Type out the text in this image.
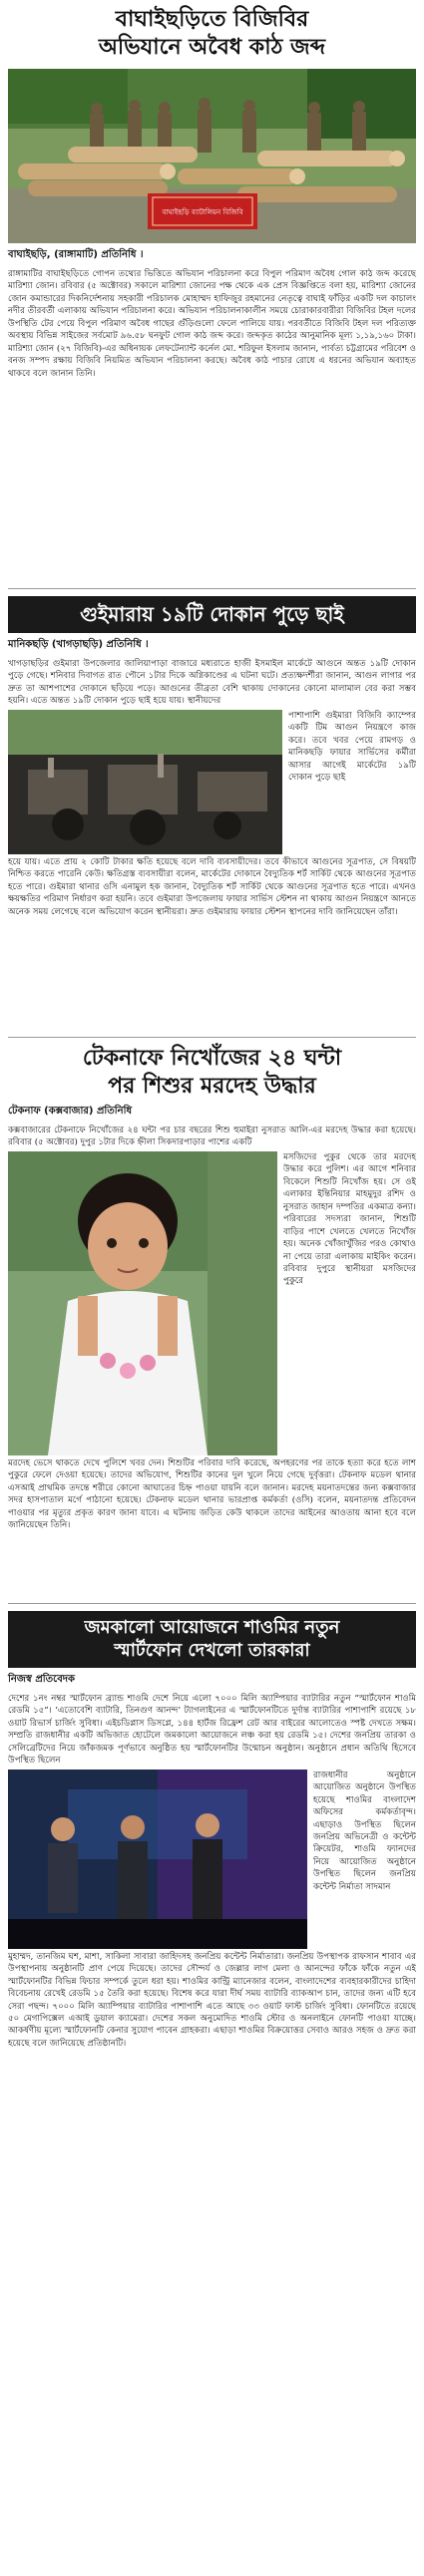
বাঘাইছড়িতে বিজিবির
অভিযানে অবৈধ কাঠ জব্দ
বাঘাইছড়ি ব্যাটালিয়ন বিজিবি

বাঘাইছড়ি, (রাঙ্গামাটি) প্রতিনিধি ।

রাঙ্গামাটির বাঘাইছড়িতে গোপন তথ্যের ভিত্তিতে অভিযান পরিচালনা করে বিপুল পরিমাণ অবৈধ গোল কাঠ জব্দ করেছে মারিশ্যা জোন। রবিবার (৫ অক্টোবর) সকালে মারিশ্যা জোনের পক্ষ থেকে এক প্রেস বিজ্ঞপ্তিতে বলা হয়, মারিশ্যা জোনের জোন কমান্ডারের দিকনির্দেশনায় সহকারী পরিচালক মোহাম্মদ হাফিজুর রহমানের নেতৃত্বে বাঘাই ফাঁড়ির একটি দল কাচালং নদীর তীরবর্তী এলাকায় অভিযান পরিচালনা করে। অভিযান পরিচালনাকালীন সময়ে চোরাকারবারীরা বিজিবির টহল দলের উপস্থিতি টের পেয়ে বিপুল পরিমাণ অবৈধ গাছের গুঁড়িগুলো ফেলে পালিয়ে যায়। পরবর্তীতে বিজিবি টহল দল পরিত্যক্ত অবস্থায় বিভিন্ন সাইজের সর্বমোট ৯৬.৫৮ ঘনফুট গোল কাঠ জব্দ করে। জব্দকৃত কাঠের আনুমানিক মূল্য ১,১৯,১৬০ টাকা। মারিশ্যা জোন (২৭ বিজিবি)-এর অধিনায়ক লেফটেন্যান্ট কর্নেল মো. শরিফুল ইসলাম জানান, পার্বত্য চট্টগ্রামের পরিবেশ ও বনজ সম্পদ রক্ষায় বিজিবি নিয়মিত অভিযান পরিচালনা করছে। অবৈধ কাঠ পাচার রোধে এ ধরনের অভিযান অব্যাহত থাকবে বলে জানান তিনি।

গুইমারায় ১৯টি দোকান পুড়ে ছাই

মানিকছড়ি (খাগড়াছড়ি) প্রতিনিধি ।

খাগড়াছড়ির গুইমারা উপজেলার জালিয়াপাড়া বাজারে মধ্যরাতে হাজী ইসমাইল মার্কেটে আগুনে অন্তত ১৯টি দোকান পুড়ে গেছে। শনিবার দিবাগত রাত পৌনে ১টার দিকে অগ্নিকাণ্ডের এ ঘটনা ঘটে। প্রত্যক্ষদর্শীরা জানান, আগুন লাগার পর দ্রুত তা আশপাশের দোকানে ছড়িয়ে পড়ে। আগুনের তীব্রতা বেশি থাকায় দোকানের কোনো মালামাল বের করা সম্ভব হয়নি। এতে অন্তত ১৯টি দোকান পুড়ে ছাই হয়ে যায়। স্থানীয়দের

পাশাপাশি গুইমারা বিজিবি ক্যাম্পের একটি টিম আগুন নিয়ন্ত্রণে কাজ করে। তবে খবর পেয়ে রামগড় ও মানিকছড়ি ফায়ার সার্ভিসের কর্মীরা আসার আগেই মার্কেটের ১৯টি দোকান পুড়ে ছাই

হয়ে যায়। এতে প্রায় ২ কোটি টাকার ক্ষতি হয়েছে বলে দাবি ব্যবসায়ীদের। তবে কীভাবে আগুনের সূত্রপাত, সে বিষয়টি নিশ্চিত করতে পারেনি কেউ। ক্ষতিগ্রস্ত ব্যবসায়ীরা বলেন, মার্কেটের দোকানে বৈদ্যুতিক শর্ট সার্কিট থেকে আগুনের সূত্রপাত হতে পারে। গুইমারা থানার ওসি এনামুল হক জানান, বৈদ্যুতিক শর্ট সার্কিট থেকে আগুনের সূত্রপাত হতে পারে। এখনও ক্ষয়ক্ষতির পরিমাণ নির্ধারণ করা হয়নি। তবে গুইমারা উপজেলায় ফায়ার সার্ভিস স্টেশন না থাকায় আগুন নিয়ন্ত্রণে আনতে অনেক সময় লেগেছে বলে অভিযোগ করেন স্থানীয়রা। দ্রুত গুইমারায় ফায়ার স্টেশন স্থাপনের দাবি জানিয়েছেন তাঁরা।

টেকনাফে নিখোঁজের ২৪ ঘন্টা
পর শিশুর মরদেহ উদ্ধার

টেকনাফ (কক্সবাজার) প্রতিনিধি

কক্সবাজারের টেকনাফে নিখোঁজের ২৪ ঘন্টা পর চার বছরের শিশু হুমাইরা নুসরাত আলি-এর মরদেহ উদ্ধার করা হয়েছে। রবিবার (৫ অক্টোবর) দুপুর ১টার দিকে হ্নীলা সিকদারপাড়ার পাশের একটি

মসজিদের পুকুর থেকে তার মরদেহ উদ্ধার করে পুলিশ। এর আগে শনিবার বিকেলে শিশুটি নিখোঁজ হয়। সে ওই এলাকার ইন্তিনিয়ার মাহমুদুর রশিদ ও নুসরাত জাহান দম্পতির একমাত্র কন্যা। পরিবারের সদস্যরা জানান, শিশুটি বাড়ির পাশে খেলতে খেলতে নিখোঁজ হয়। অনেক খোঁজাখুঁজির পরও কোথাও না পেয়ে তারা এলাকায় মাইকিং করেন। রবিবার দুপুরে স্থানীয়রা মসজিদের পুকুরে

মরদেহ ভেসে থাকতে দেখে পুলিশে খবর দেন। শিশুটির পরিবার দাবি করেছে, অপহরণের পর তাকে হত্যা করে হতে লাশ পুকুরে ফেলে দেওয়া হয়েছে। তাদের অভিযোগ, শিশুটির কানের দুল খুলে নিয়ে গেছে দুর্বৃত্তরা। টেকনাফ মডেল থানার এসআই প্রাথমিক তদন্তে শরীরে কোনো আঘাতের চিহ্ন পাওয়া যায়নি বলে জানান। মরদেহ ময়নাতদন্তের জন্য কক্সবাজার সদর হাসপাতাল মর্গে পাঠানো হয়েছে। টেকনাফ মডেল থানার ভারপ্রাপ্ত কর্মকর্তা (ওসি) বলেন, ময়নাতদন্ত প্রতিবেদন পাওয়ার পর মৃত্যুর প্রকৃত কারণ জানা যাবে। এ ঘটনায় জড়িত কেউ থাকলে তাদের আইনের আওতায় আনা হবে বলে জানিয়েছেন তিনি।

জমকালো আয়োজনে শাওমির নতুন
স্মার্টফোন দেখলো তারকারা

নিজস্ব প্রতিবেদক

দেশের ১নং নম্বর স্মার্টফোন ব্র্যান্ড শাওমি দেশে নিয়ে এলো ৭০০০ মিলি অ্যাম্পিয়ার ব্যাটারির নতুন “স্মার্টফোন শাওমি রেডমি ১৫”। ‘এতোবেশি ব্যাটারি, তিনগুণ আনন্দ’ ট্যাগলাইনের এ স্মার্টফোনটিতে দুর্দান্ত ব্যাটারির পাশাপাশি রয়েছে ১৮ ওয়াট রিভার্স চার্জিং সুবিধা। এইচডিপ্লাস ডিসপ্লে, ১৪৪ হার্টজ রিফ্রেশ রেট আর বাইরের আলোতেও স্পষ্ট দেখতে সক্ষম। সম্প্রতি রাজধানীর একটি অভিজাত হোটেলে জমকালো আয়োজনে লঞ্চ করা হয় রেডমি ১৫। দেশের জনপ্রিয় তারকা ও সেলিব্রেটিদের নিয়ে জাঁকজমক পূর্ণভাবে অনুষ্ঠিত হয় স্মার্টফোনটির উন্মোচন অনুষ্ঠান। অনুষ্ঠানে প্রধান অতিথি হিসেবে উপস্থিত ছিলেন

রাজধানীর অনুষ্ঠানে আয়োজিত অনুষ্ঠানে উপস্থিত হয়েছে শাওমির বাংলাদেশ অফিসের কর্মকর্তাবৃন্দ। এছাড়াও উপস্থিত ছিলেন জনপ্রিয় অভিনেত্রী ও কন্টেন্ট ক্রিয়েটর, শাওমি ফ্যানদের নিয়ে আয়োজিত অনুষ্ঠানে উপস্থিত ছিলেন জনপ্রিয় কন্টেন্ট নির্মাতা সাদমান

মুহাম্মদ, তানজিম ঘশ, মাশা, সাকিলা সাবারা জাহিদসহ জনপ্রিয় কন্টেন্ট নির্মাতারা। জনপ্রিয় উপস্থাপক রাফসান শাবাব এর উপস্থাপনায় অনুষ্ঠানটি প্রাণ পেয়ে দিয়েছে। তাদের সৌন্দর্য ও জেল্লার লাগ মেলা ও আনন্দের ফাঁকে ফাঁকে নতুন এই স্মার্টফোনটির বিভিন্ন ফিচার সম্পর্কে তুলে ধরা হয়। শাওমির কান্ট্রি ম্যানেজার বলেন, বাংলাদেশের ব্যবহারকারীদের চাহিদা বিবেচনায় রেখেই রেডমি ১৫ তৈরি করা হয়েছে। বিশেষ করে যারা দীর্ঘ সময় ব্যাটারি ব্যাকআপ চান, তাদের জন্য এটি হবে সেরা পছন্দ। ৭০০০ মিলি অ্যাম্পিয়ার ব্যাটারির পাশাপাশি এতে আছে ৩৩ ওয়াট ফাস্ট চার্জিং সুবিধা। ফোনটিতে রয়েছে ৫০ মেগাপিক্সেল এআই ডুয়াল ক্যামেরা। দেশের সকল অনুমোদিত শাওমি স্টোর ও অনলাইনে ফোনটি পাওয়া যাচ্ছে। আকর্ষণীয় মূল্যে স্মার্টফোনটি কেনার সুযোগ পাবেন গ্রাহকরা। এছাড়া শাওমির বিক্রয়োত্তর সেবাও আরও সহজ ও দ্রুত করা হয়েছে বলে জানিয়েছে প্রতিষ্ঠানটি।
